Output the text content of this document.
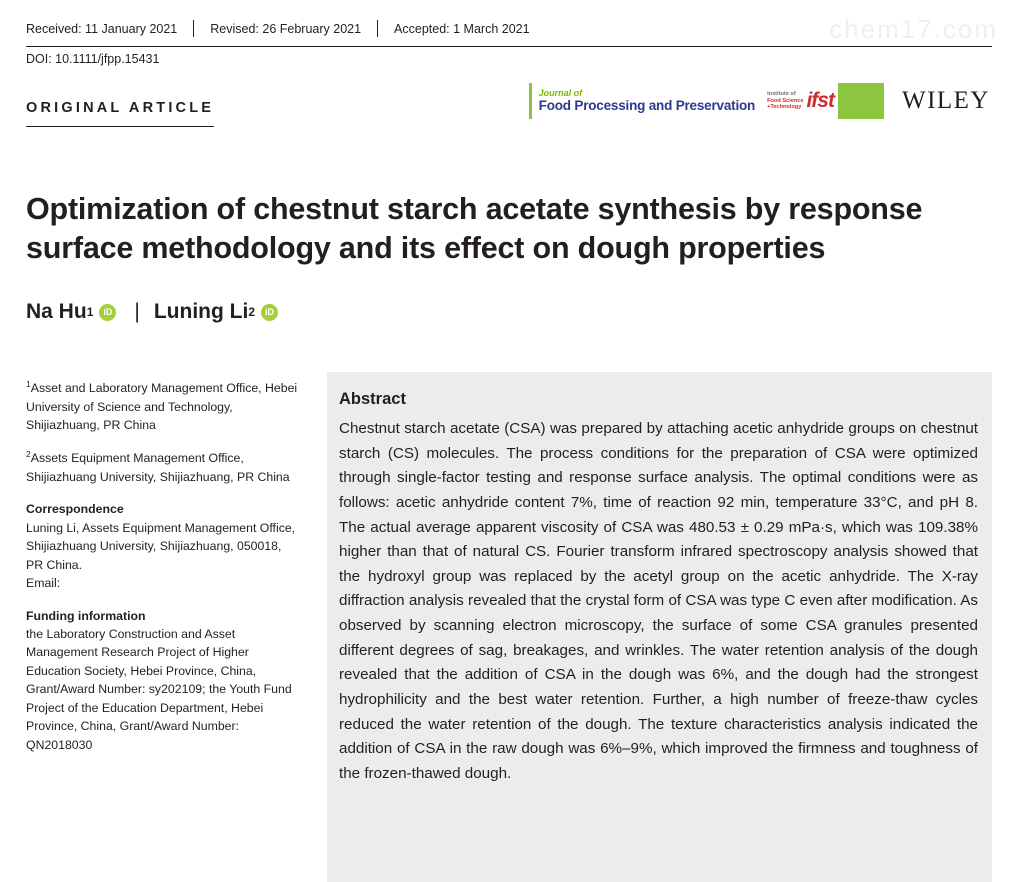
chem17.com
Received: 11 January 2021	Revised: 26 February 2021	Accepted: 1 March 2021
DOI: 10.1111/jfpp.15431
ORIGINAL ARTICLE
Journal of
Food Processing and Preservation
Institute of
Food Science
+Technology ifst	WILEY
Optimization of chestnut starch acetate synthesis by response surface methodology and its effect on dough properties
Na Hu 1	iD | Luning Li 2	iD

$^1$Asset and Laboratory Management Office, Hebei University of Science and Technology, Shijiazhuang, PR China

$^2$Assets Equipment Management Office, Shijiazhuang University, Shijiazhuang, PR China

Correspondence
Luning Li, Assets Equipment Management Office, Shijiazhuang University, Shijiazhuang, 050018, PR China.
Email:

Funding information
the Laboratory Construction and Asset Management Research Project of Higher Education Society, Hebei Province, China, Grant/Award Number: sy202109; the Youth Fund Project of the Education Department, Hebei Province, China, Grant/Award Number: QN2018030

Abstract

Chestnut starch acetate (CSA) was prepared by attaching acetic anhydride groups on chestnut starch (CS) molecules. The process conditions for the preparation of CSA were optimized through single-factor testing and response surface analysis. The optimal conditions were as follows: acetic anhydride content 7%, time of reaction 92 min, temperature 33°C, and pH 8. The actual average apparent viscosity of CSA was 480.53 ± 0.29 mPa·s, which was 109.38% higher than that of natural CS. Fourier transform infrared spectroscopy analysis showed that the hydroxyl group was replaced by the acetyl group on the acetic anhydride. The X-ray diffraction analysis revealed that the crystal form of CSA was type C even after modification. As observed by scanning electron microscopy, the surface of some CSA granules presented different degrees of sag, breakages, and wrinkles. The water retention analysis of the dough revealed that the addition of CSA in the dough was 6%, and the dough had the strongest hydrophilicity and the best water retention. Further, a high number of freeze-thaw cycles reduced the water retention of the dough. The texture characteristics analysis indicated the addition of CSA in the raw dough was 6%–9%, which improved the firmness and toughness of the frozen-thawed dough.
